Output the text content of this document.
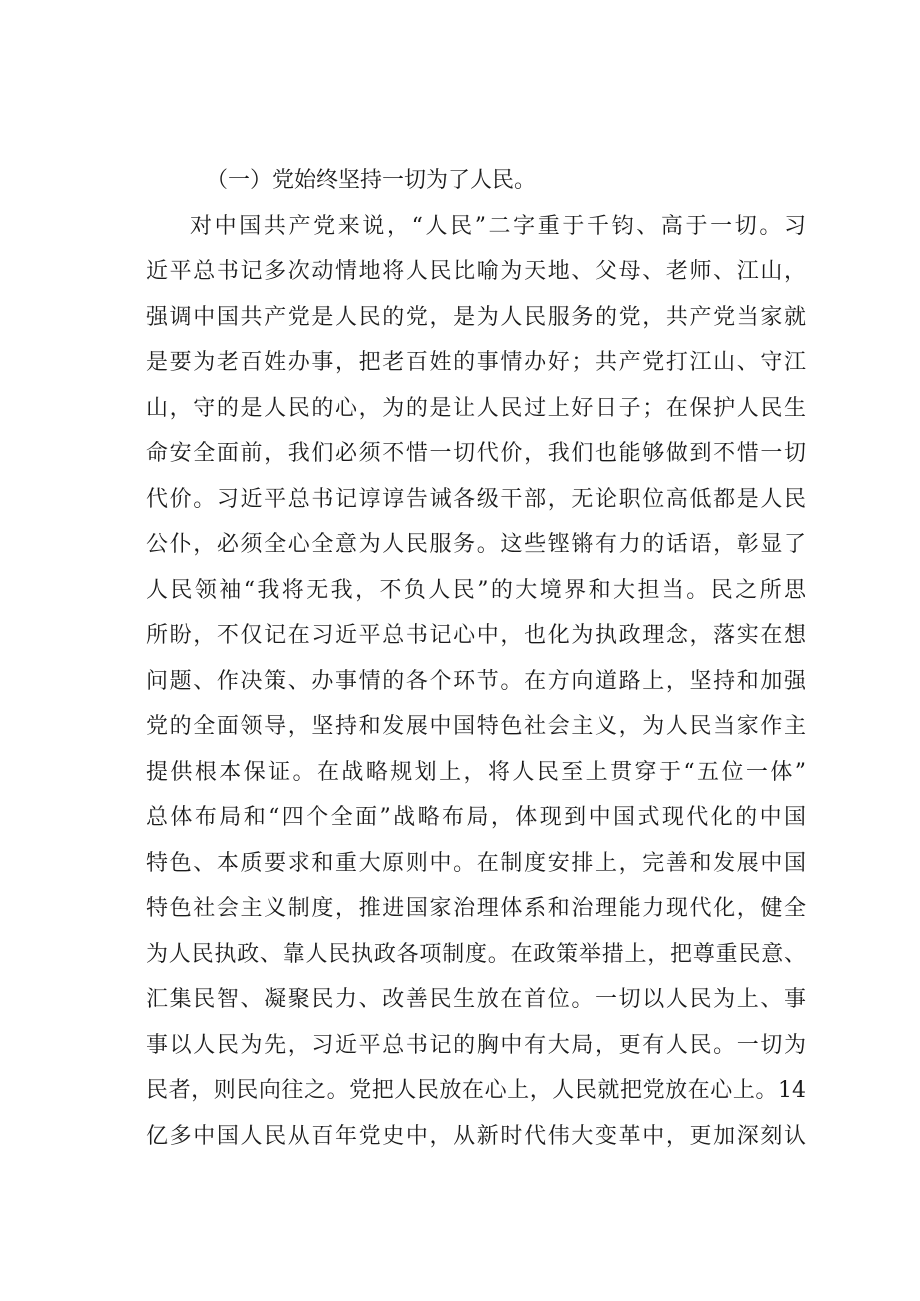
（一）党始终坚持一切为了人民。
对中国共产党来说，“人民”二字重于千钧、高于一切。习
近平总书记多次动情地将人民比喻为天地、父母、老师、江山，
强调中国共产党是人民的党，是为人民服务的党，共产党当家就
是要为老百姓办事，把老百姓的事情办好；共产党打江山、守江
山，守的是人民的心，为的是让人民过上好日子；在保护人民生
命安全面前，我们必须不惜一切代价，我们也能够做到不惜一切
代价。习近平总书记谆谆告诫各级干部，无论职位高低都是人民
公仆，必须全心全意为人民服务。这些铿锵有力的话语，彰显了
人民领袖“我将无我，不负人民”的大境界和大担当。民之所思
所盼，不仅记在习近平总书记心中，也化为执政理念，落实在想
问题、作决策、办事情的各个环节。在方向道路上，坚持和加强
党的全面领导，坚持和发展中国特色社会主义，为人民当家作主
提供根本保证。在战略规划上，将人民至上贯穿于“五位一体”
总体布局和“四个全面”战略布局，体现到中国式现代化的中国
特色、本质要求和重大原则中。在制度安排上，完善和发展中国
特色社会主义制度，推进国家治理体系和治理能力现代化，健全
为人民执政、靠人民执政各项制度。在政策举措上，把尊重民意、
汇集民智、凝聚民力、改善民生放在首位。一切以人民为上、事
事以人民为先，习近平总书记的胸中有大局，更有人民。一切为
民者，则民向往之。党把人民放在心上，人民就把党放在心上。14
亿多中国人民从百年党史中，从新时代伟大变革中，更加深刻认
